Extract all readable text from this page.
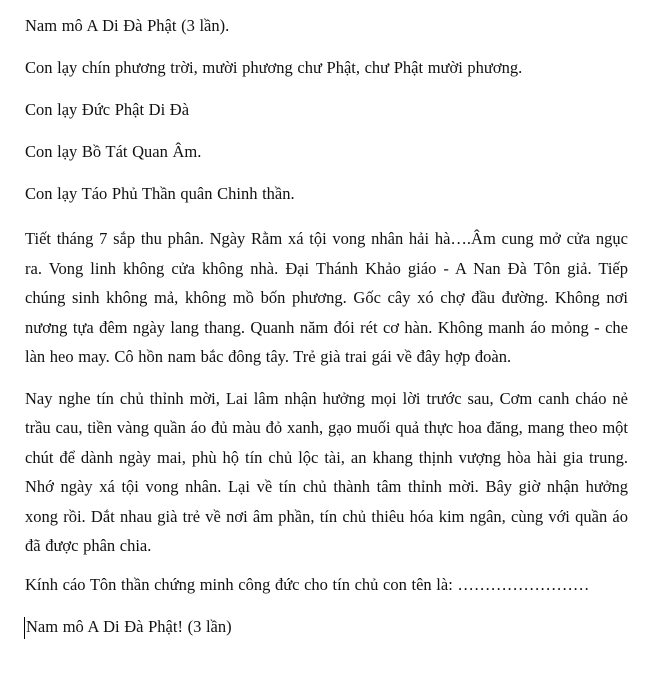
Nam mô A Di Đà Phật (3 lần).

Con lạy chín phương trời, mười phương chư Phật, chư Phật mười phương.

Con lạy Đức Phật Di Đà

Con lạy Bồ Tát Quan Âm.

Con lạy Táo Phủ Thần quân Chinh thần.

Tiết tháng 7 sắp thu phân. Ngày Rằm xá tội vong nhân hải hà….Âm cung mở cửa ngục ra. Vong linh không cửa không nhà. Đại Thánh Khảo giáo - A Nan Đà Tôn giả. Tiếp chúng sinh không mả, không mồ bốn phương. Gốc cây xó chợ đầu đường. Không nơi nương tựa đêm ngày lang thang. Quanh năm đói rét cơ hàn. Không manh áo mỏng - che làn heo may. Cô hồn nam bắc đông tây. Trẻ già trai gái về đây hợp đoàn.

Nay nghe tín chủ thỉnh mời, Lai lâm nhận hưởng mọi lời trước sau, Cơm canh cháo nẻ trầu cau, tiền vàng quần áo đủ màu đỏ xanh, gạo muối quả thực hoa đăng, mang theo một chút để dành ngày mai, phù hộ tín chủ lộc tài, an khang thịnh vượng hòa hài gia trung. Nhớ ngày xá tội vong nhân. Lại về tín chủ thành tâm thỉnh mời. Bây giờ nhận hưởng xong rồi. Dắt nhau già trẻ về nơi âm phần, tín chủ thiêu hóa kim ngân, cùng với quần áo đã được phân chia.

Kính cáo Tôn thần chứng minh công đức cho tín chủ con tên là: ……………………

Nam mô A Di Đà Phật! (3 lần)
